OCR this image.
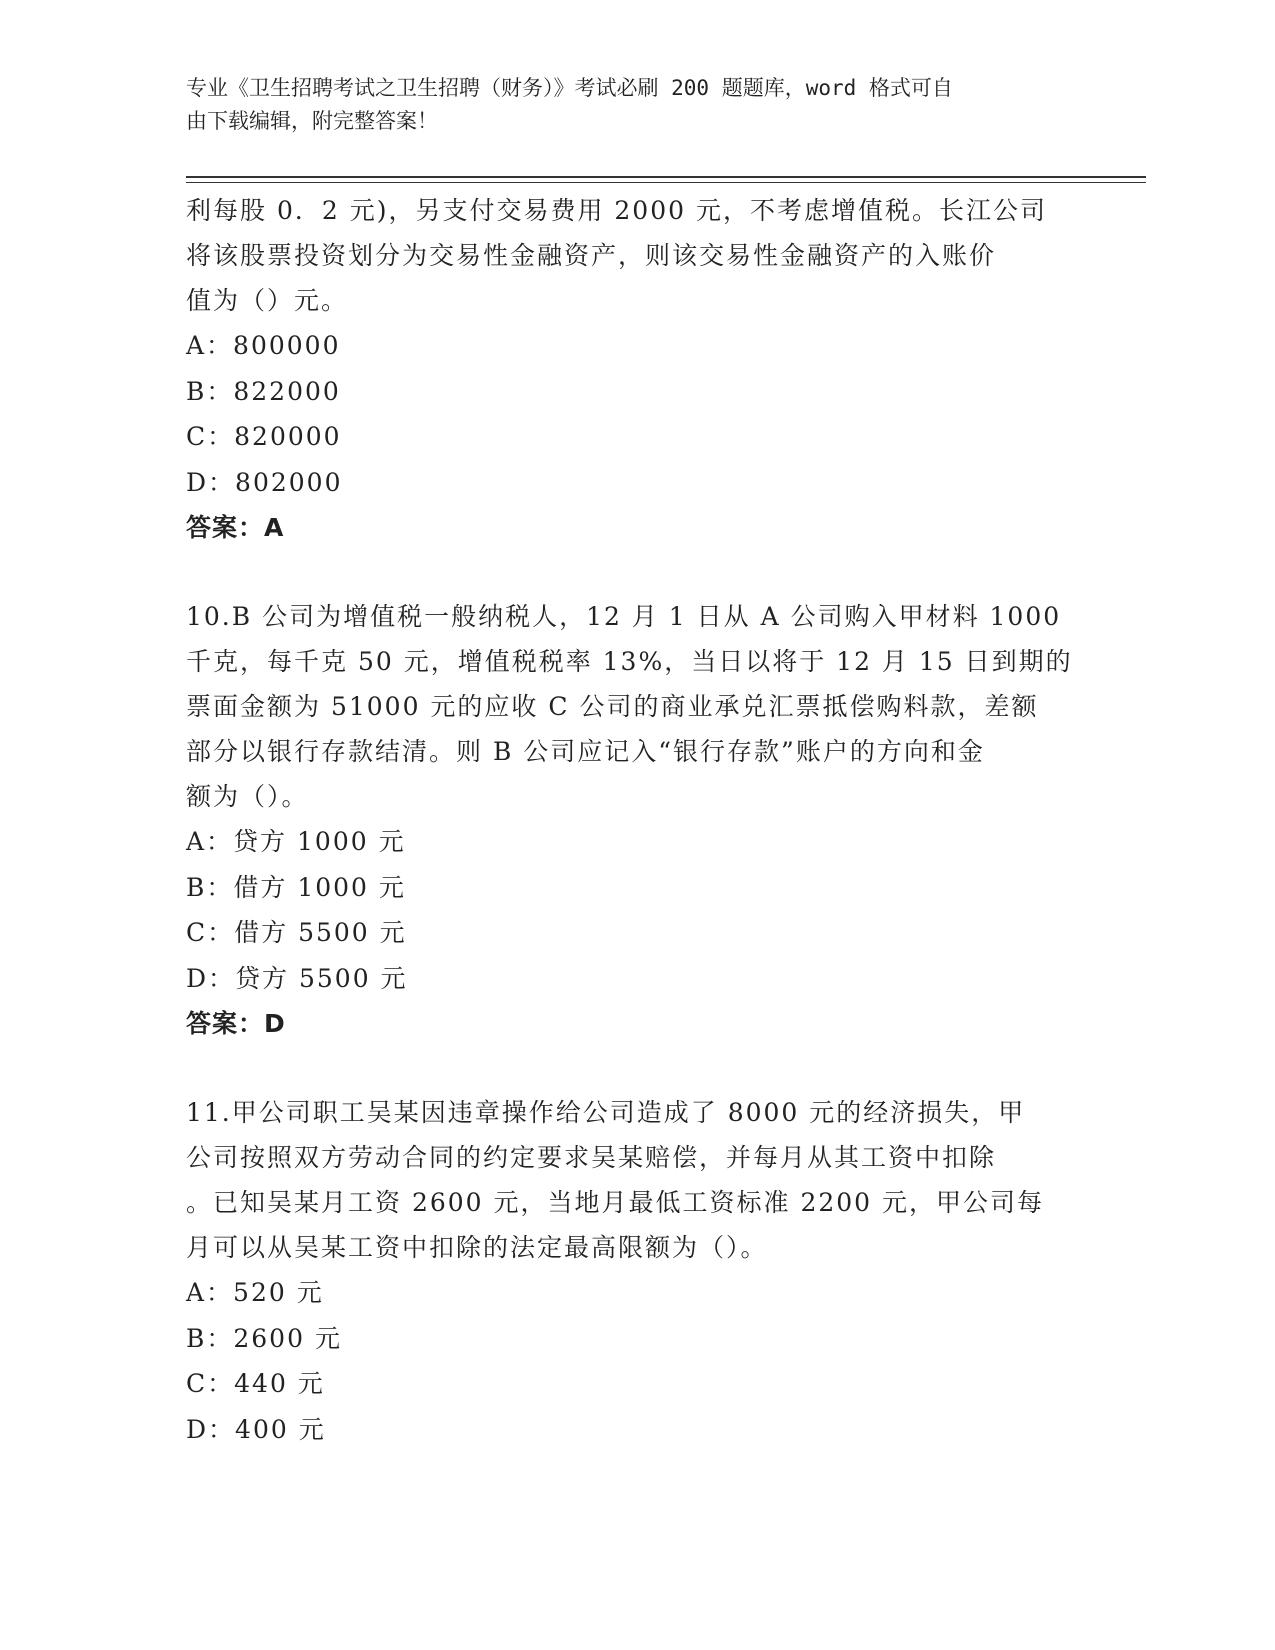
专业《卫生招聘考试之卫生招聘（财务）》考试必刷 200 题题库，word 格式可自
由下载编辑，附完整答案！
利每股 0．2 元)，另支付交易费用 2000 元，不考虑增值税。长江公司
将该股票投资划分为交易性金融资产，则该交易性金融资产的入账价
值为（）元。
A：800000
B：822000
C：820000
D：802000
答案：A
10.B 公司为增值税一般纳税人，12 月 1 日从 A 公司购入甲材料 1000
千克，每千克 50 元，增值税税率 13%，当日以将于 12 月 15 日到期的
票面金额为 51000 元的应收 C 公司的商业承兑汇票抵偿购料款，差额
部分以银行存款结清。则 B 公司应记入“银行存款”账户的方向和金
额为（）。
A：贷方 1000 元
B：借方 1000 元
C：借方 5500 元
D：贷方 5500 元
答案：D
11.甲公司职工吴某因违章操作给公司造成了 8000 元的经济损失，甲
公司按照双方劳动合同的约定要求吴某赔偿，并每月从其工资中扣除
。已知吴某月工资 2600 元，当地月最低工资标准 2200 元，甲公司每
月可以从吴某工资中扣除的法定最高限额为（）。
A：520 元
B：2600 元
C：440 元
D：400 元
